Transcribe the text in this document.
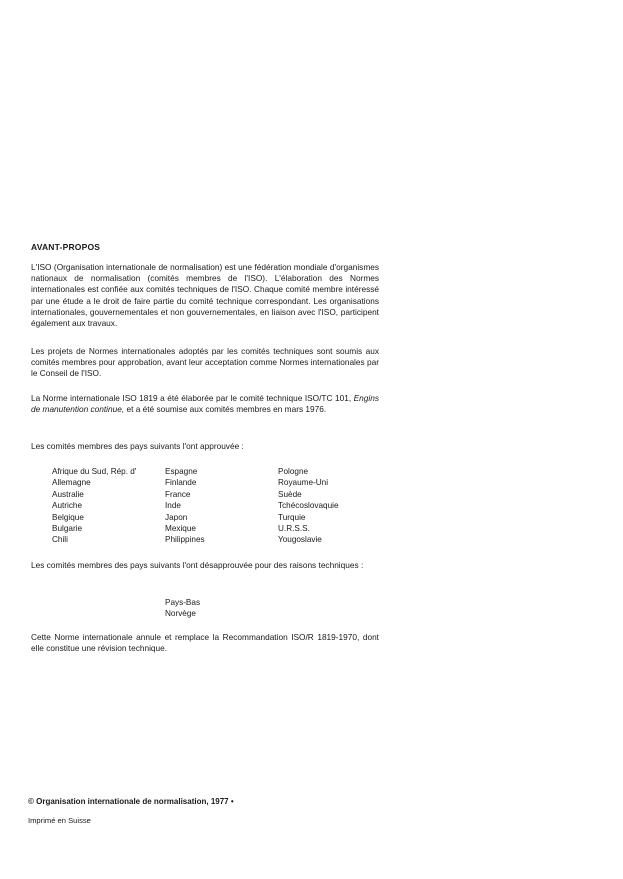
AVANT-PROPOS
L'ISO (Organisation internationale de normalisation) est une fédération mondiale d'organismes nationaux de normalisation (comités membres de l'ISO). L'élaboration des Normes internationales est confiée aux comités techniques de l'ISO. Chaque comité membre intéressé par une étude a le droit de faire partie du comité technique correspondant. Les organisations internationales, gouvernementales et non gouvernementales, en liaison avec l'ISO, participent également aux travaux.
Les projets de Normes internationales adoptés par les comités techniques sont soumis aux comités membres pour approbation, avant leur acceptation comme Normes internationales par le Conseil de l'ISO.
La Norme internationale ISO 1819 a été élaborée par le comité technique ISO/TC 101, Engins de manutention continue, et a été soumise aux comités membres en mars 1976.
Les comités membres des pays suivants l'ont approuvée :
Afrique du Sud, Rép. d'
Allemagne
Australie
Autriche
Belgique
Bulgarie
Chili
Espagne
Finlande
France
Inde
Japon
Mexique
Philippines
Pologne
Royaume-Uni
Suède
Tchécoslovaquie
Turquie
U.R.S.S.
Yougoslavie
Les comités membres des pays suivants l'ont désapprouvée pour des raisons techniques :
Pays-Bas
Norvège
Cette Norme internationale annule et remplace la Recommandation ISO/R 1819-1970, dont elle constitue une révision technique.
© Organisation internationale de normalisation, 1977 •
Imprimé en Suisse
